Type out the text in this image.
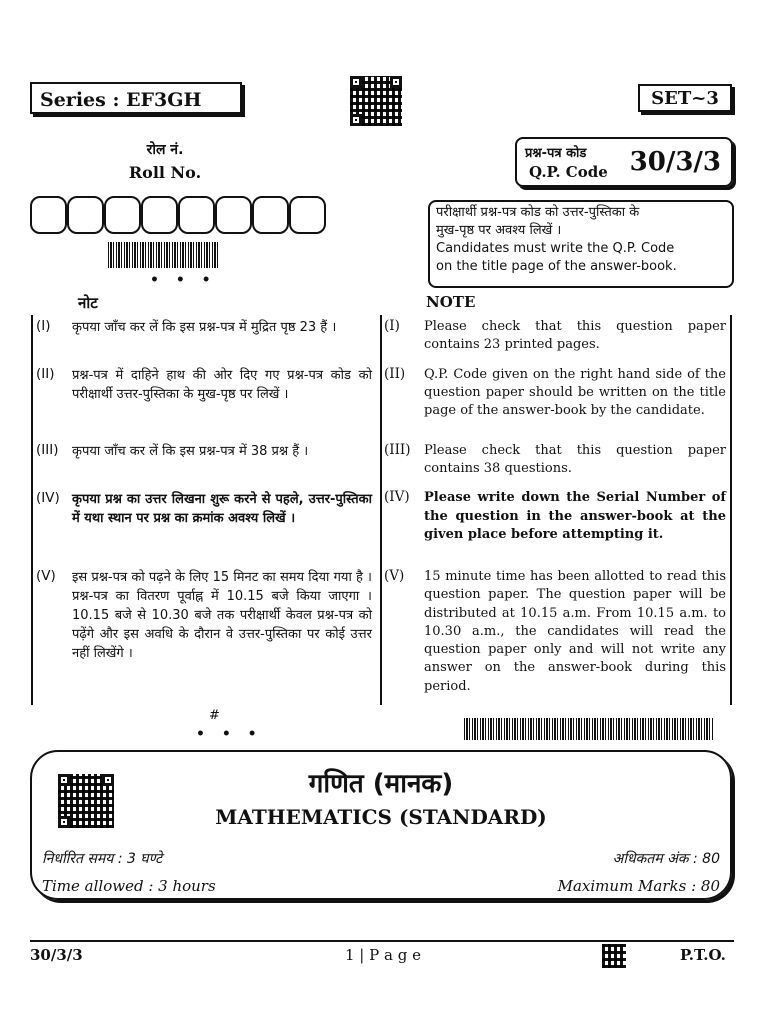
Series : EF3GH	SET~3
रोल नं.
Roll No.
• • •
प्रश्न-पत्र कोड
Q.P. Code 30/3/3
परीक्षार्थी प्रश्न-पत्र कोड को उत्तर-पुस्तिका के
मुख-पृष्ठ पर अवश्य लिखें ।
Candidates must write the Q.P. Code
on the title page of the answer-book.
नोट	NOTE
(I)	कृपया जाँच कर लें कि इस प्रश्न-पत्र में मुद्रित पृष्ठ 23 हैं ।
(II)	प्रश्न-पत्र में दाहिने हाथ की ओर दिए गए प्रश्न-पत्र कोड को परीक्षार्थी उत्तर-पुस्तिका के मुख-पृष्ठ पर लिखें ।
(III)	कृपया जाँच कर लें कि इस प्रश्न-पत्र में 38 प्रश्न हैं ।
(IV) कृपया प्रश्न का उत्तर लिखना शुरू करने से पहले, उत्तर-पुस्तिका में यथा स्थान पर प्रश्न का क्रमांक अवश्य लिखें ।
(V)	इस प्रश्न-पत्र को पढ़ने के लिए 15 मिनट का समय दिया गया है । प्रश्न-पत्र का वितरण पूर्वाह्न में 10.15 बजे किया जाएगा । 10.15 बजे से 10.30 बजे तक परीक्षार्थी केवल प्रश्न-पत्र को पढ़ेंगे और इस अवधि के दौरान वे उत्तर-पुस्तिका पर कोई उत्तर नहीं लिखेंगे ।
(I)	Please check that this question paper contains 23 printed pages.
(II)	Q.P. Code given on the right hand side of the question paper should be written on the title page of the answer-book by the candidate.
(III)	Please check that this question paper contains 38 questions.
(IV)	Please write down the Serial Number of the question in the answer-book at the given place before attempting it.
(V)	15 minute time has been allotted to read this question paper. The question paper will be distributed at 10.15 a.m. From 10.15 a.m. to 10.30 a.m., the candidates will read the question paper only and will not write any answer on the answer-book during this period.
#
• • •
गणित (मानक)
MATHEMATICS (STANDARD)
निर्धारित समय : 3 घण्टे	अधिकतम अंक : 80
Time allowed : 3 hours	Maximum Marks : 80
30/3/3	1 | P a g e	P.T.O.
